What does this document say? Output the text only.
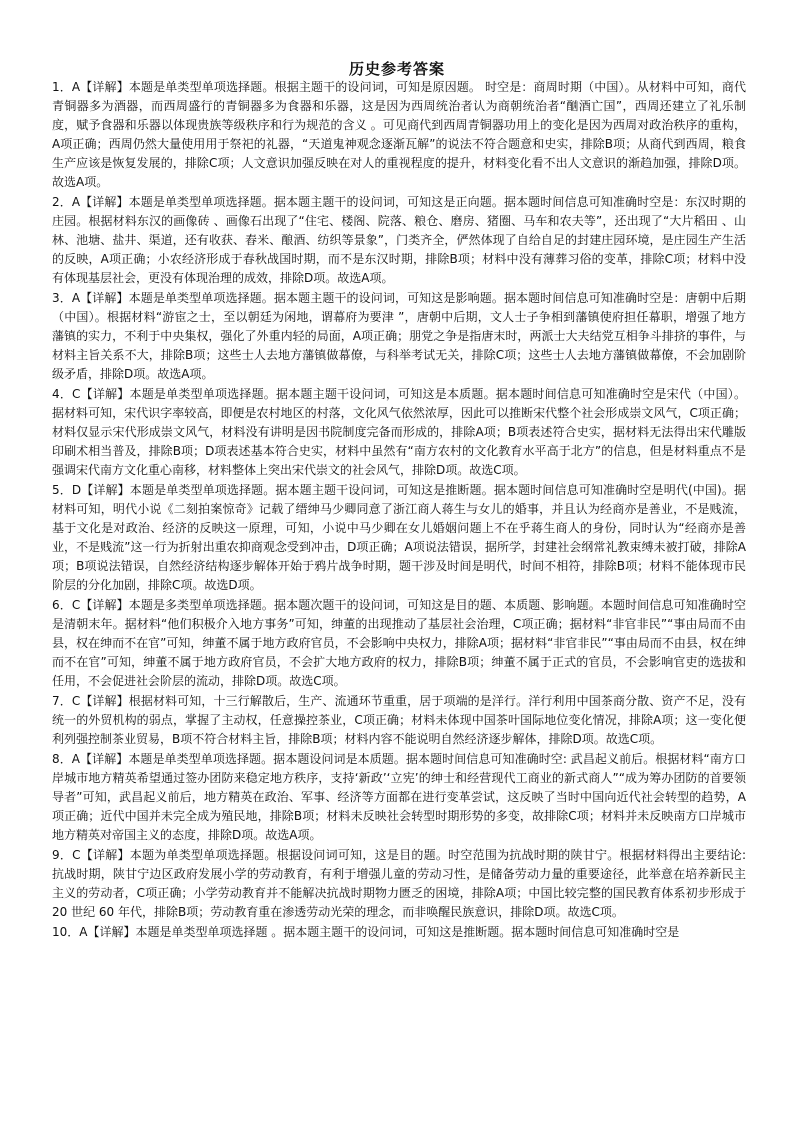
历史参考答案

1．A【详解】本题是单类型单项选择题。根据主题干的设问词，可知是原因题。 时空是：商周时期（中国）。从材料中可知，商代青铜器多为酒器，而西周盛行的青铜器多为食器和乐器，这是因为西周统治者认为商朝统治者“酗酒亡国”，西周还建立了礼乐制度，赋予食器和乐器以体现贵族等级秩序和行为规范的含义 。可见商代到西周青铜器功用上的变化是因为西周对政治秩序的重构，A项正确；西周仍然大量使用用于祭祀的礼器，“天道鬼神观念逐渐瓦解”的说法不符合题意和史实，排除B项；从商代到西周，粮食生产应该是恢复发展的，排除C项；人文意识加强反映在对人的重视程度的提升，材料变化看不出人文意识的渐趋加强，排除D项。故选A项。

2．A【详解】本题是单类型单项选择题。据本题主题干的设问词，可知这是正向题。据本题时间信息可知准确时空是：东汉时期的庄园。根据材料东汉的画像砖 、画像石出现了“住宅、楼阁、院落、粮仓、磨房、猪圈、马车和农夫等”，还出现了“大片稻田 、山林、池塘、盐井、渠道，还有收获、舂米、酿酒、纺织等景象”，门类齐全，俨然体现了自给自足的封建庄园环境，是庄园生产生活的反映，A项正确；小农经济形成于春秋战国时期，而不是东汉时期，排除B项；材料中没有薄葬习俗的变革，排除C项；材料中没有体现基层社会，更没有体现治理的成效，排除D项。故选A项。

3．A【详解】本题是单类型单项选择题。据本题主题干的设问词，可知这是影响题。据本题时间信息可知准确时空是：唐朝中后期（中国）。根据材料“游宦之士，至以朝廷为闲地，谓幕府为要津 ”，唐朝中后期，文人士子争相到藩镇使府担任幕职，增强了地方藩镇的实力，不利于中央集权，强化了外重内轻的局面，A项正确；朋党之争是指唐末时，两派士大夫结党互相争斗排挤的事件，与材料主旨关系不大，排除B项；这些士人去地方藩镇做幕僚，与科举考试无关，排除C项；这些士人去地方藩镇做幕僚，不会加剧阶级矛盾，排除D项。故选A项。

4．C【详解】本题是单类型单项选择题。据本题主题干设问词，可知这是本质题。据本题时间信息可知准确时空是宋代（中国）。据材料可知，宋代识字率较高，即便是农村地区的村落，文化风气依然浓厚，因此可以推断宋代整个社会形成崇文风气，C项正确；材料仅显示宋代形成崇文风气，材料没有讲明是因书院制度完备而形成的，排除A项；B项表述符合史实，据材料无法得出宋代雕版印刷术相当普及，排除B项；D项表述基本符合史实，材料中虽然有“南方农村的文化教育水平高于北方”的信息，但是材料重点不是强调宋代南方文化重心南移，材料整体上突出宋代崇文的社会风气，排除D项。故选C项。

5．D【详解】本题是单类型单项选择题。据本题主题干设问词，可知这是推断题。据本题时间信息可知准确时空是明代(中国)。据材料可知，明代小说《二刻拍案惊奇》记载了缙绅马少卿同意了浙江商人蒋生与女儿的婚事，并且认为经商亦是善业，不是贱流，基于文化是对政治、经济的反映这一原理，可知，小说中马少卿在女儿婚姻问题上不在乎蒋生商人的身份，同时认为“经商亦是善业，不是贱流”这一行为折射出重农抑商观念受到冲击，D项正确；A项说法错误，据所学，封建社会纲常礼教束缚未被打破，排除A项；B项说法错误，自然经济结构逐步解体开始于鸦片战争时期，题干涉及时间是明代，时间不相符，排除B项；材料不能体现市民阶层的分化加剧，排除C项。故选D项。

6．C【详解】本题是多类型单项选择题。据本题次题干的设问词，可知这是目的题、本质题、影响题。本题时间信息可知准确时空是清朝末年。据材料“他们积极介入地方事务”可知，绅董的出现推动了基层社会治理，C项正确；据材料“非官非民”“事由局而不由县，权在绅而不在官”可知，绅董不属于地方政府官员，不会影响中央权力，排除A项；据材料“非官非民”“事由局而不由县，权在绅而不在官”可知，绅董不属于地方政府官员，不会扩大地方政府的权力，排除B项；绅董不属于正式的官员，不会影响官吏的选拔和任用，不会促进社会阶层的流动，排除D项。故选C项。

7．C【详解】根据材料可知，十三行解散后，生产、流通环节重重，居于项端的是洋行。洋行利用中国茶商分散、资产不足，没有统一的外贸机构的弱点，掌握了主动权，任意操控茶业，C项正确；材料未体现中国茶叶国际地位变化情况，排除A项；这一变化便利列强控制茶业贸易，B项不符合材料主旨，排除B项；材料内容不能说明自然经济逐步解体，排除D项。故选C项。

8．A【详解】本题是单类型单项选择题。据本题设问词是本质题。据本题时间信息可知准确时空: 武昌起义前后。根据材料“南方口岸城市地方精英希望通过签办团防来稳定地方秩序，支持‘新政’‘立宪’的绅士和经营现代工商业的新式商人”“成为筹办团防的首要领导者”可知，武昌起义前后，地方精英在政治、军事、经济等方面都在进行变革尝试，这反映了当时中国向近代社会转型的趋势，A项正确；近代中国并未完全成为殖民地，排除B项；材料未反映社会转型时期形势的多变，故排除C项；材料并未反映南方口岸城市地方精英对帝国主义的态度，排除D项。故选A项。

9．C【详解】本题为单类型单项选择题。根据设问词可知，这是目的题。时空范围为抗战时期的陕甘宁。根据材料得出主要结论: 抗战时期，陕甘宁边区政府发展小学的劳动教育，有利于增强儿童的劳动习性，是储备劳动力量的重要途径，此举意在培养新民主主义的劳动者，C项正确；小学劳动教育并不能解决抗战时期物力匮乏的困境，排除A项；中国比较完整的国民教育体系初步形成于 20 世纪 60 年代，排除B项；劳动教育重在渗透劳动光荣的理念，而非唤醒民族意识，排除D项。故选C项。

10．A【详解】本题是单类型单项选择题 。据本题主题干的设问词，可知这是推断题。据本题时间信息可知准确时空是
